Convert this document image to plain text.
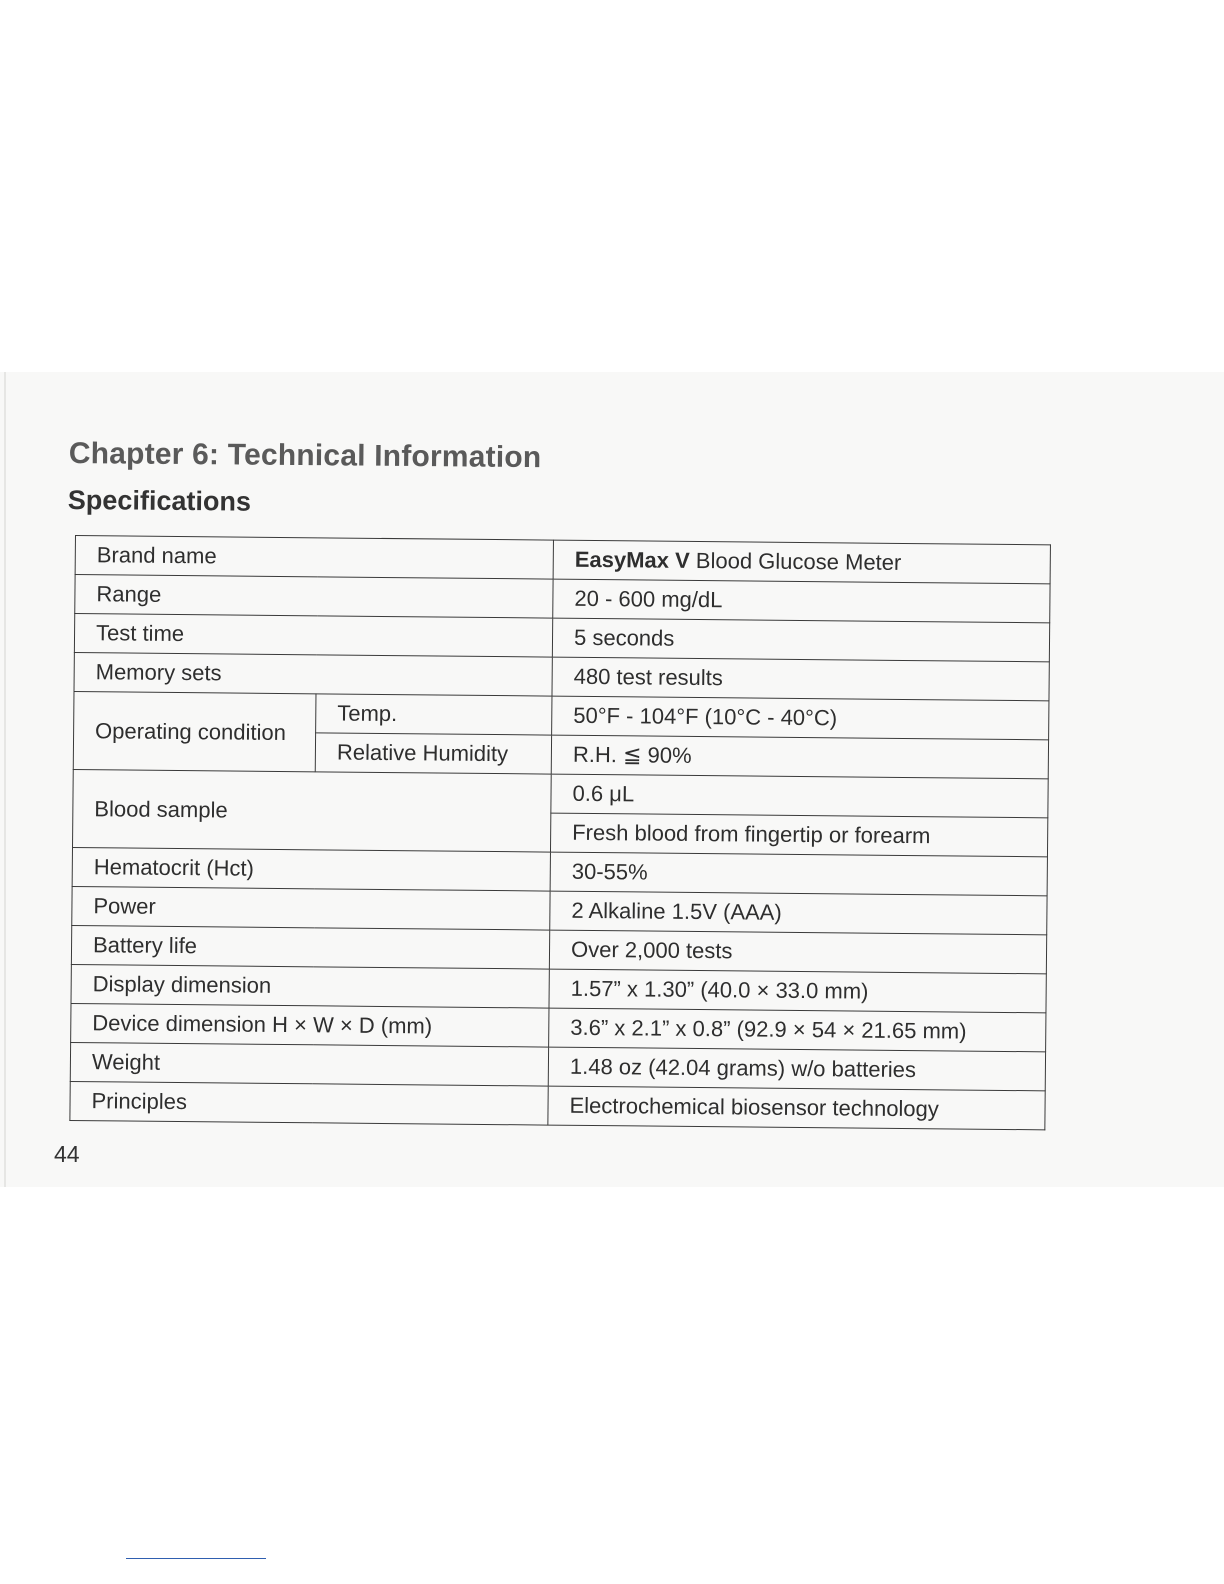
Chapter 6: Technical Information
Specifications
Brand name		EasyMax V Blood Glucose Meter
Range		20 - 600 mg/dL
Test time		5 seconds
Memory sets		480 test results
Operating condition	Temp.	50°F - 104°F (10°C - 40°C)
	Relative Humidity	R.H. ≦ 90%
Blood sample		0.6 μL
		Fresh blood from fingertip or forearm
Hematocrit (Hct)		30-55%
Power		2 Alkaline 1.5V (AAA)
Battery life		Over 2,000 tests
Display dimension		1.57” x 1.30” (40.0 × 33.0 mm)
Device dimension H × W × D (mm)		3.6” x 2.1” x 0.8” (92.9 × 54 × 21.65 mm)
Weight		1.48 oz (42.04 grams) w/o batteries
Principles		Electrochemical biosensor technology
44
